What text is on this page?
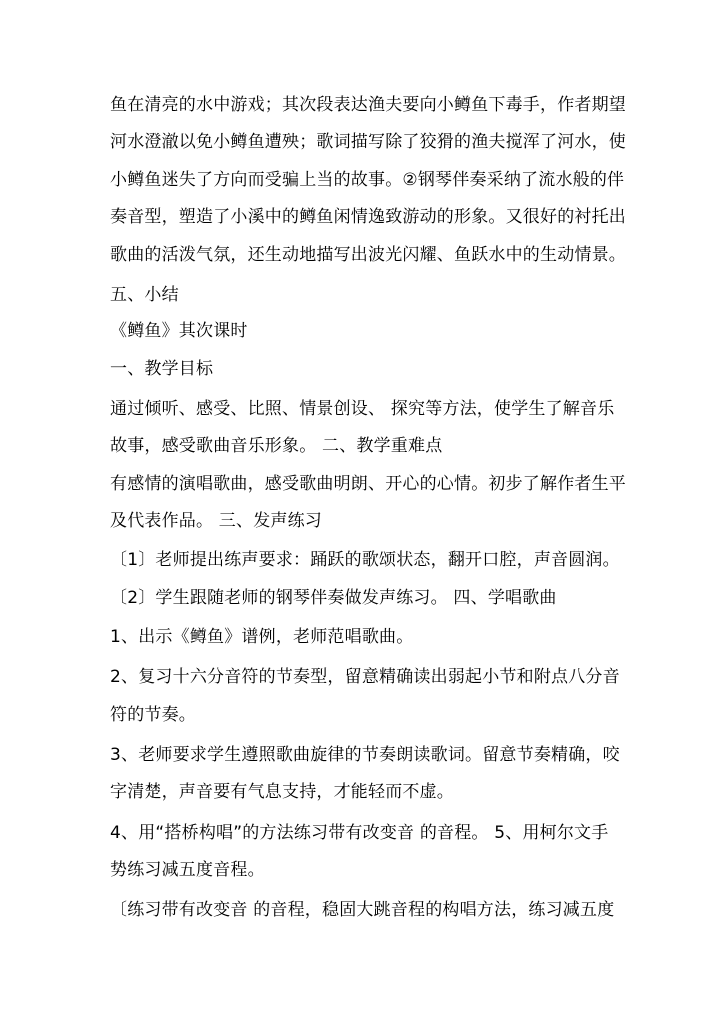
鱼在清亮的水中游戏；其次段表达渔夫要向小鳟鱼下毒手，作者期望
河水澄澈以免小鳟鱼遭殃；歌词描写除了狡猾的渔夫搅浑了河水，使
小鳟鱼迷失了方向而受骗上当的故事。②钢琴伴奏采纳了流水般的伴
奏音型，塑造了小溪中的鳟鱼闲情逸致游动的形象。又很好的衬托出
歌曲的活泼气氛，还生动地描写出波光闪耀、鱼跃水中的生动情景。
五、小结
《鳟鱼》其次课时
一、教学目标
通过倾听、感受、比照、情景创设、 探究等方法，使学生了解音乐
故事，感受歌曲音乐形象。 二、教学重难点
有感情的演唱歌曲，感受歌曲明朗、开心的心情。初步了解作者生平
及代表作品。 三、发声练习
〔1〕老师提出练声要求：踊跃的歌颂状态，翻开口腔，声音圆润。
〔2〕学生跟随老师的钢琴伴奏做发声练习。 四、学唱歌曲
1、出示《鳟鱼》谱例，老师范唱歌曲。
2、复习十六分音符的节奏型，留意精确读出弱起小节和附点八分音
符的节奏。
3、老师要求学生遵照歌曲旋律的节奏朗读歌词。留意节奏精确，咬
字清楚，声音要有气息支持，才能轻而不虚。
4、用“搭桥构唱”的方法练习带有改变音 的音程。 5、用柯尔文手
势练习减五度音程。
〔练习带有改变音 的音程，稳固大跳音程的构唱方法，练习减五度
